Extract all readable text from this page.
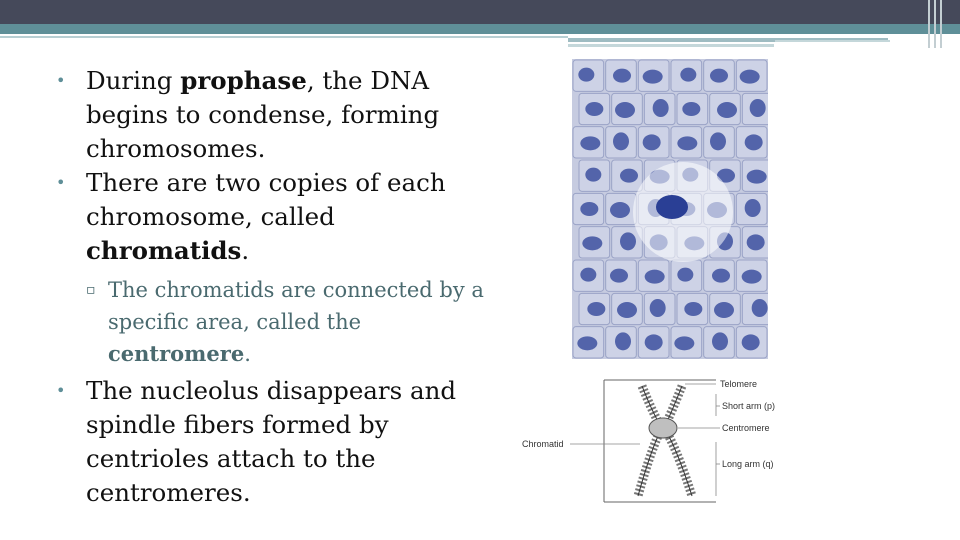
• During prophase, the DNA begins to condense, forming chromosomes.
• There are two copies of each chromosome, called chromatids.
▫ The chromatids are connected by a specific area, called the centromere.
• The nucleolus disappears and spindle fibers formed by centrioles attach to the centromeres.
Telomere
Short arm (p)
Centromere
Long arm (q)
Chromatid
